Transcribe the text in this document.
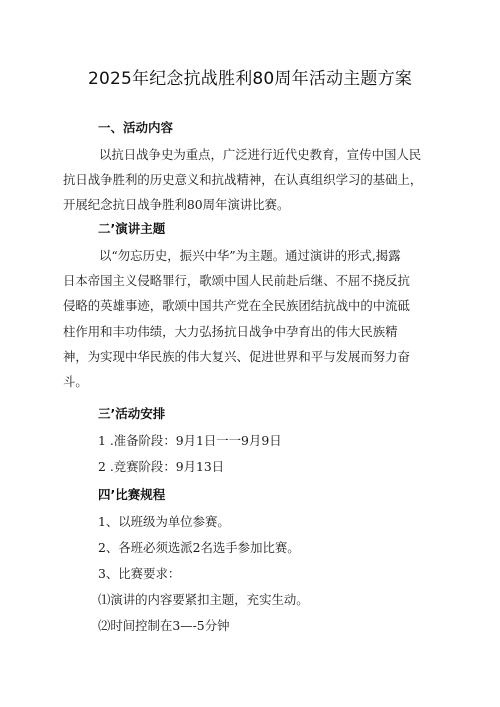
2025年纪念抗战胜利80周年活动主题方案
一、活动内容
以抗日战争史为重点，广泛进行近代史教育，宣传中国人民
抗日战争胜利的历史意义和抗战精神，在认真组织学习的基础上，
开展纪念抗日战争胜利80周年演讲比赛。
二’演讲主题
以“勿忘历史，振兴中华”为主题。通过演讲的形式,揭露
日本帝国主义侵略罪行，歌颂中国人民前赴后继、不屈不挠反抗
侵略的英雄事迹，歌颂中国共产党在全民族团结抗战中的中流砥
柱作用和丰功伟绩，大力弘扬抗日战争中孕育出的伟大民族精
神，为实现中华民族的伟大复兴、促进世界和平与发展而努力奋
斗。
三’活动安排
1 .准备阶段：9月1日一一9月9日
2 .竞赛阶段：9月13日
四’比赛规程
1、以班级为单位参赛。
2、各班必须选派2名选手参加比赛。
3、比赛要求：
⑴演讲的内容要紧扣主题，充实生动。
⑵时间控制在3—-5分钟
